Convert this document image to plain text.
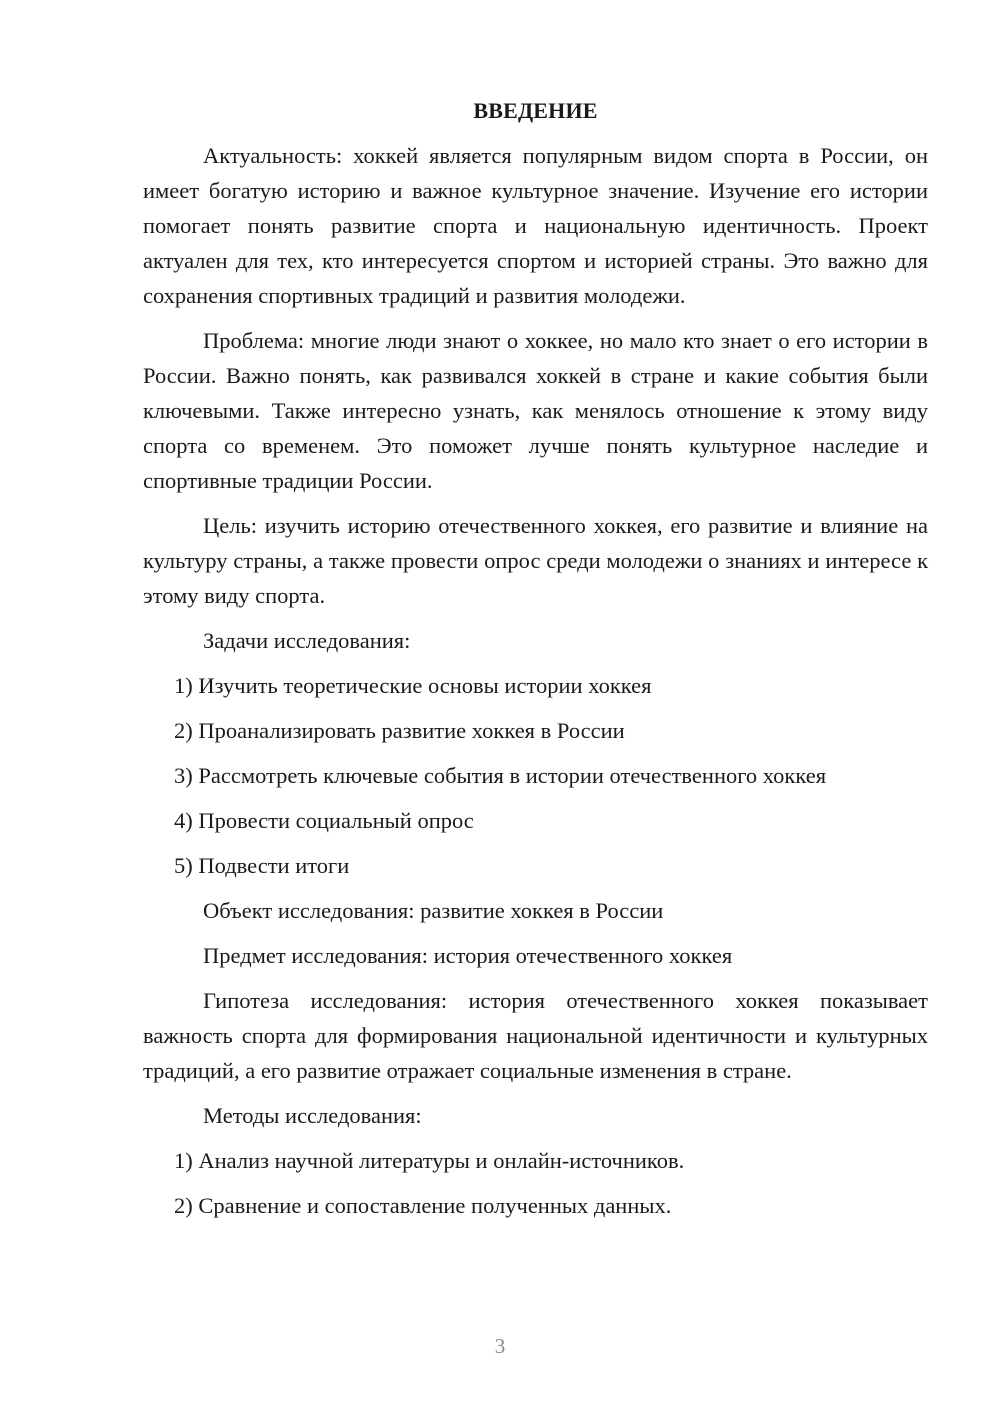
ВВЕДЕНИЕ
Актуальность: хоккей является популярным видом спорта в России, он имеет богатую историю и важное культурное значение. Изучение его истории помогает понять развитие спорта и национальную идентичность. Проект актуален для тех, кто интересуется спортом и историей страны. Это важно для сохранения спортивных традиций и развития молодежи.
Проблема: многие люди знают о хоккее, но мало кто знает о его истории в России. Важно понять, как развивался хоккей в стране и какие события были ключевыми. Также интересно узнать, как менялось отношение к этому виду спорта со временем. Это поможет лучше понять культурное наследие и спортивные традиции России.
Цель: изучить историю отечественного хоккея, его развитие и влияние на культуру страны, а также провести опрос среди молодежи о знаниях и интересе к этому виду спорта.
Задачи исследования:
1) Изучить теоретические основы истории хоккея
2) Проанализировать развитие хоккея в России
3) Рассмотреть ключевые события в истории отечественного хоккея
4) Провести социальный опрос
5) Подвести итоги
Объект исследования: развитие хоккея в России
Предмет исследования: история отечественного хоккея
Гипотеза исследования: история отечественного хоккея показывает важность спорта для формирования национальной идентичности и культурных традиций, а его развитие отражает социальные изменения в стране.
Методы исследования:
1) Анализ научной литературы и онлайн-источников.
2) Сравнение и сопоставление полученных данных.
3
